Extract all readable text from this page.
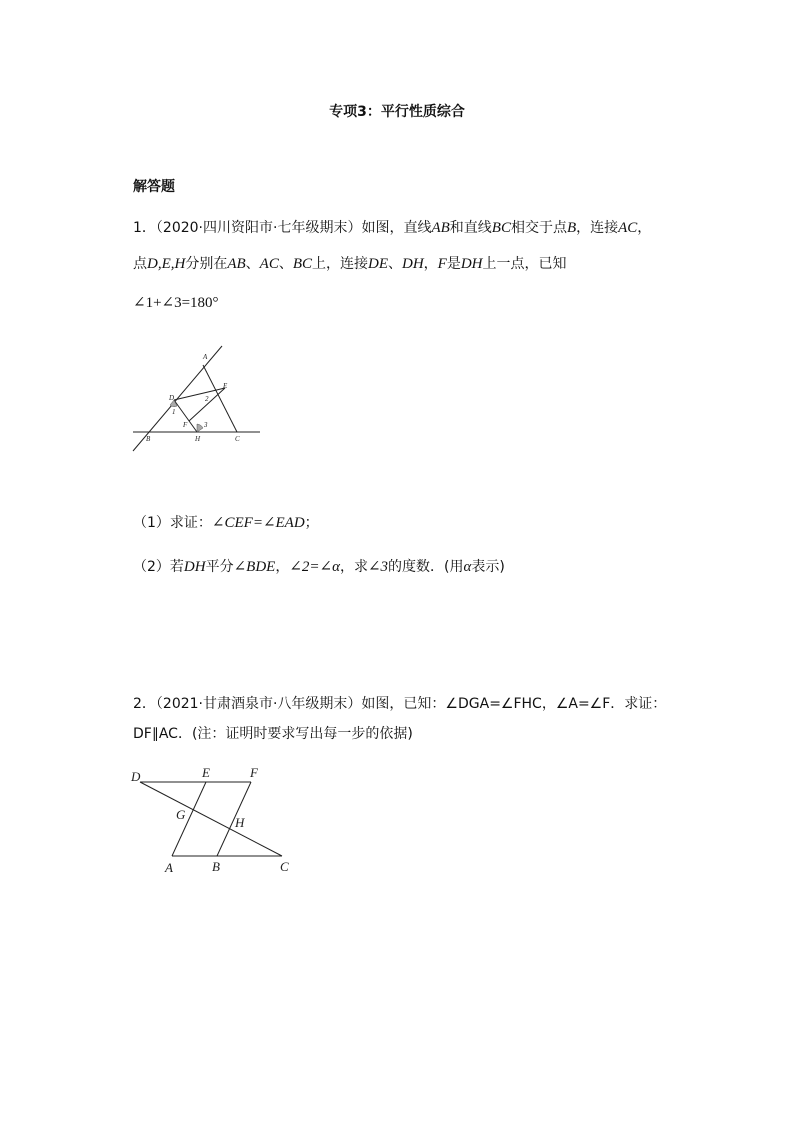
专项3：平行性质综合
解答题
1．（2020·四川资阳市·七年级期末）如图，直线AB和直线BC相交于点B，连接AC，
点D,E,H分别在AB、AC、BC上，连接DE、DH，F是DH上一点，已知
∠1+∠3=180°
A
D
E
B	H	C
F
1
2
3
（1）求证：∠CEF=∠EAD；
（2）若DH平分∠BDE，∠2=∠α，求∠3的度数．(用α表示)
2．（2021·甘肃酒泉市·八年级期末）如图，已知：∠DGA=∠FHC，∠A=∠F．求证：
DF∥AC．(注：证明时要求写出每一步的依据)
D	E	F
G
H
A	B	C
